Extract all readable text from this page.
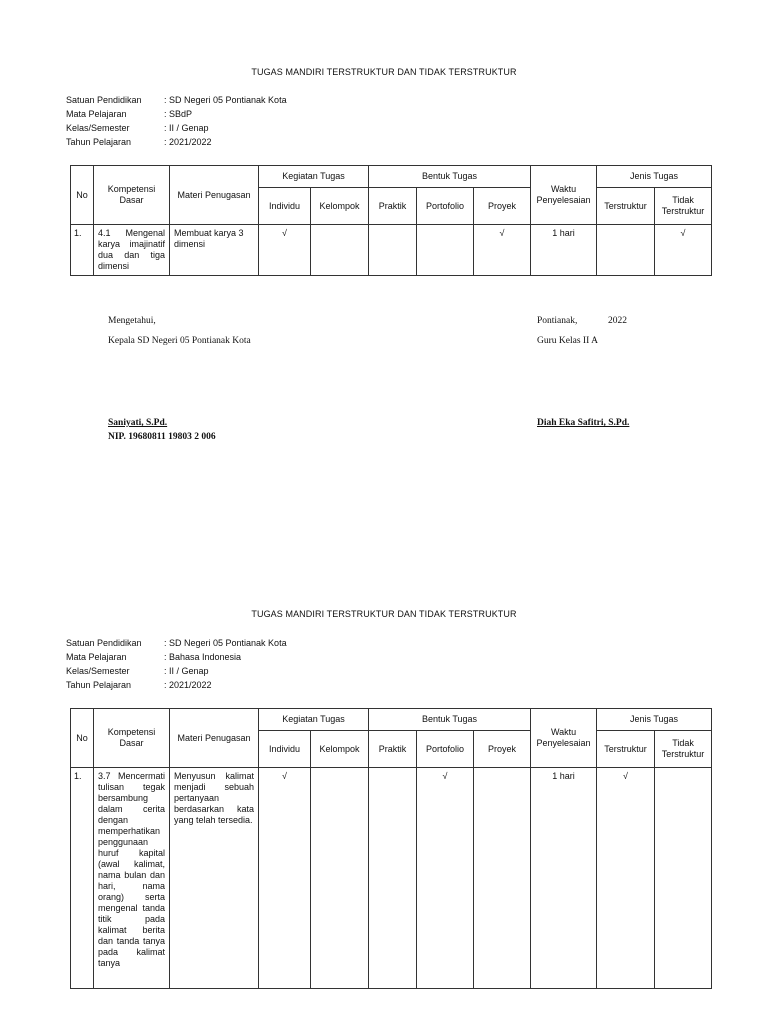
TUGAS MANDIRI TERSTRUKTUR DAN TIDAK TERSTRUKTUR
Satuan Pendidikan	: SD Negeri 05 Pontianak Kota
Mata Pelajaran	: SBdP
Kelas/Semester	: II / Genap
Tahun Pelajaran	: 2021/2022
No	Kompetensi Dasar	Materi Penugasan	Kegiatan Tugas		Bentuk Tugas			Waktu Penyelesaian	Jenis Tugas	
			Individu	Kelompok	Praktik	Portofolio	Proyek		Terstruktur	Tidak Terstruktur
1.	4.1 Mengenal karya imajinatif dua dan tiga dimensi	Membuat karya 3 dimensi	√				√	1 hari		√
Mengetahui,
Kepala SD Negeri 05 Pontianak Kota
Saniyati, S.Pd.
NIP. 19680811 19803 2 006
Pontianak,	2022
Guru Kelas II A
Diah Eka Safitri, S.Pd.
TUGAS MANDIRI TERSTRUKTUR DAN TIDAK TERSTRUKTUR
Satuan Pendidikan	: SD Negeri 05 Pontianak Kota
Mata Pelajaran	: Bahasa Indonesia
Kelas/Semester	: II / Genap
Tahun Pelajaran	: 2021/2022
No	Kompetensi Dasar	Materi Penugasan	Kegiatan Tugas		Bentuk Tugas			Waktu Penyelesaian	Jenis Tugas	
			Individu	Kelompok	Praktik	Portofolio	Proyek		Terstruktur	Tidak Terstruktur
1.	3.7 Mencermati tulisan tegak bersambung dalam cerita dengan memperhatikan penggunaan huruf kapital (awal kalimat, nama bulan dan hari, nama orang) serta mengenal tanda titik pada kalimat berita dan tanda tanya pada kalimat tanya	Menyusun kalimat menjadi sebuah pertanyaan berdasarkan kata yang telah tersedia.	√			√		1 hari	√	
